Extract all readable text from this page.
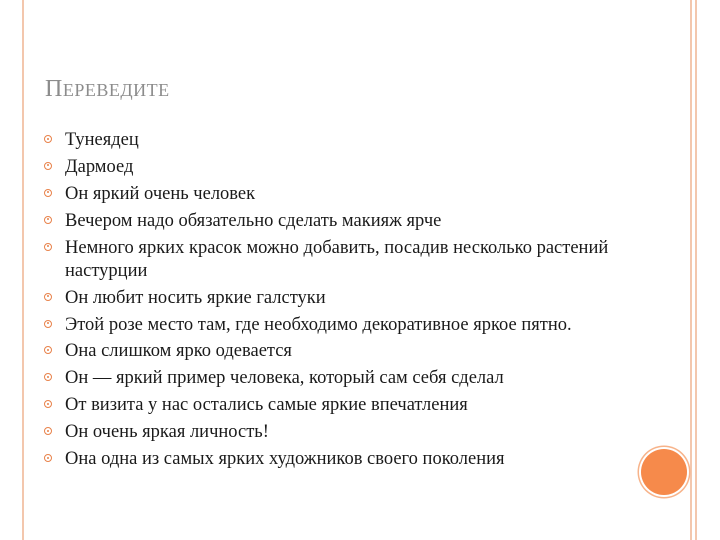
ПЕРЕВЕДИТЕ
Тунеядец
Дармоед
Он яркий очень человек
Вечером надо обязательно сделать макияж ярче
Немного ярких красок можно добавить, посадив несколько растений настурции
Он любит носить яркие галстуки
Этой розе место там, где необходимо декоративное яркое пятно.
Она слишком ярко одевается
Он — яркий пример человека, который сам себя сделал
От визита у нас остались самые яркие впечатления
Он очень яркая личность!
Она одна из самых ярких художников своего поколения
